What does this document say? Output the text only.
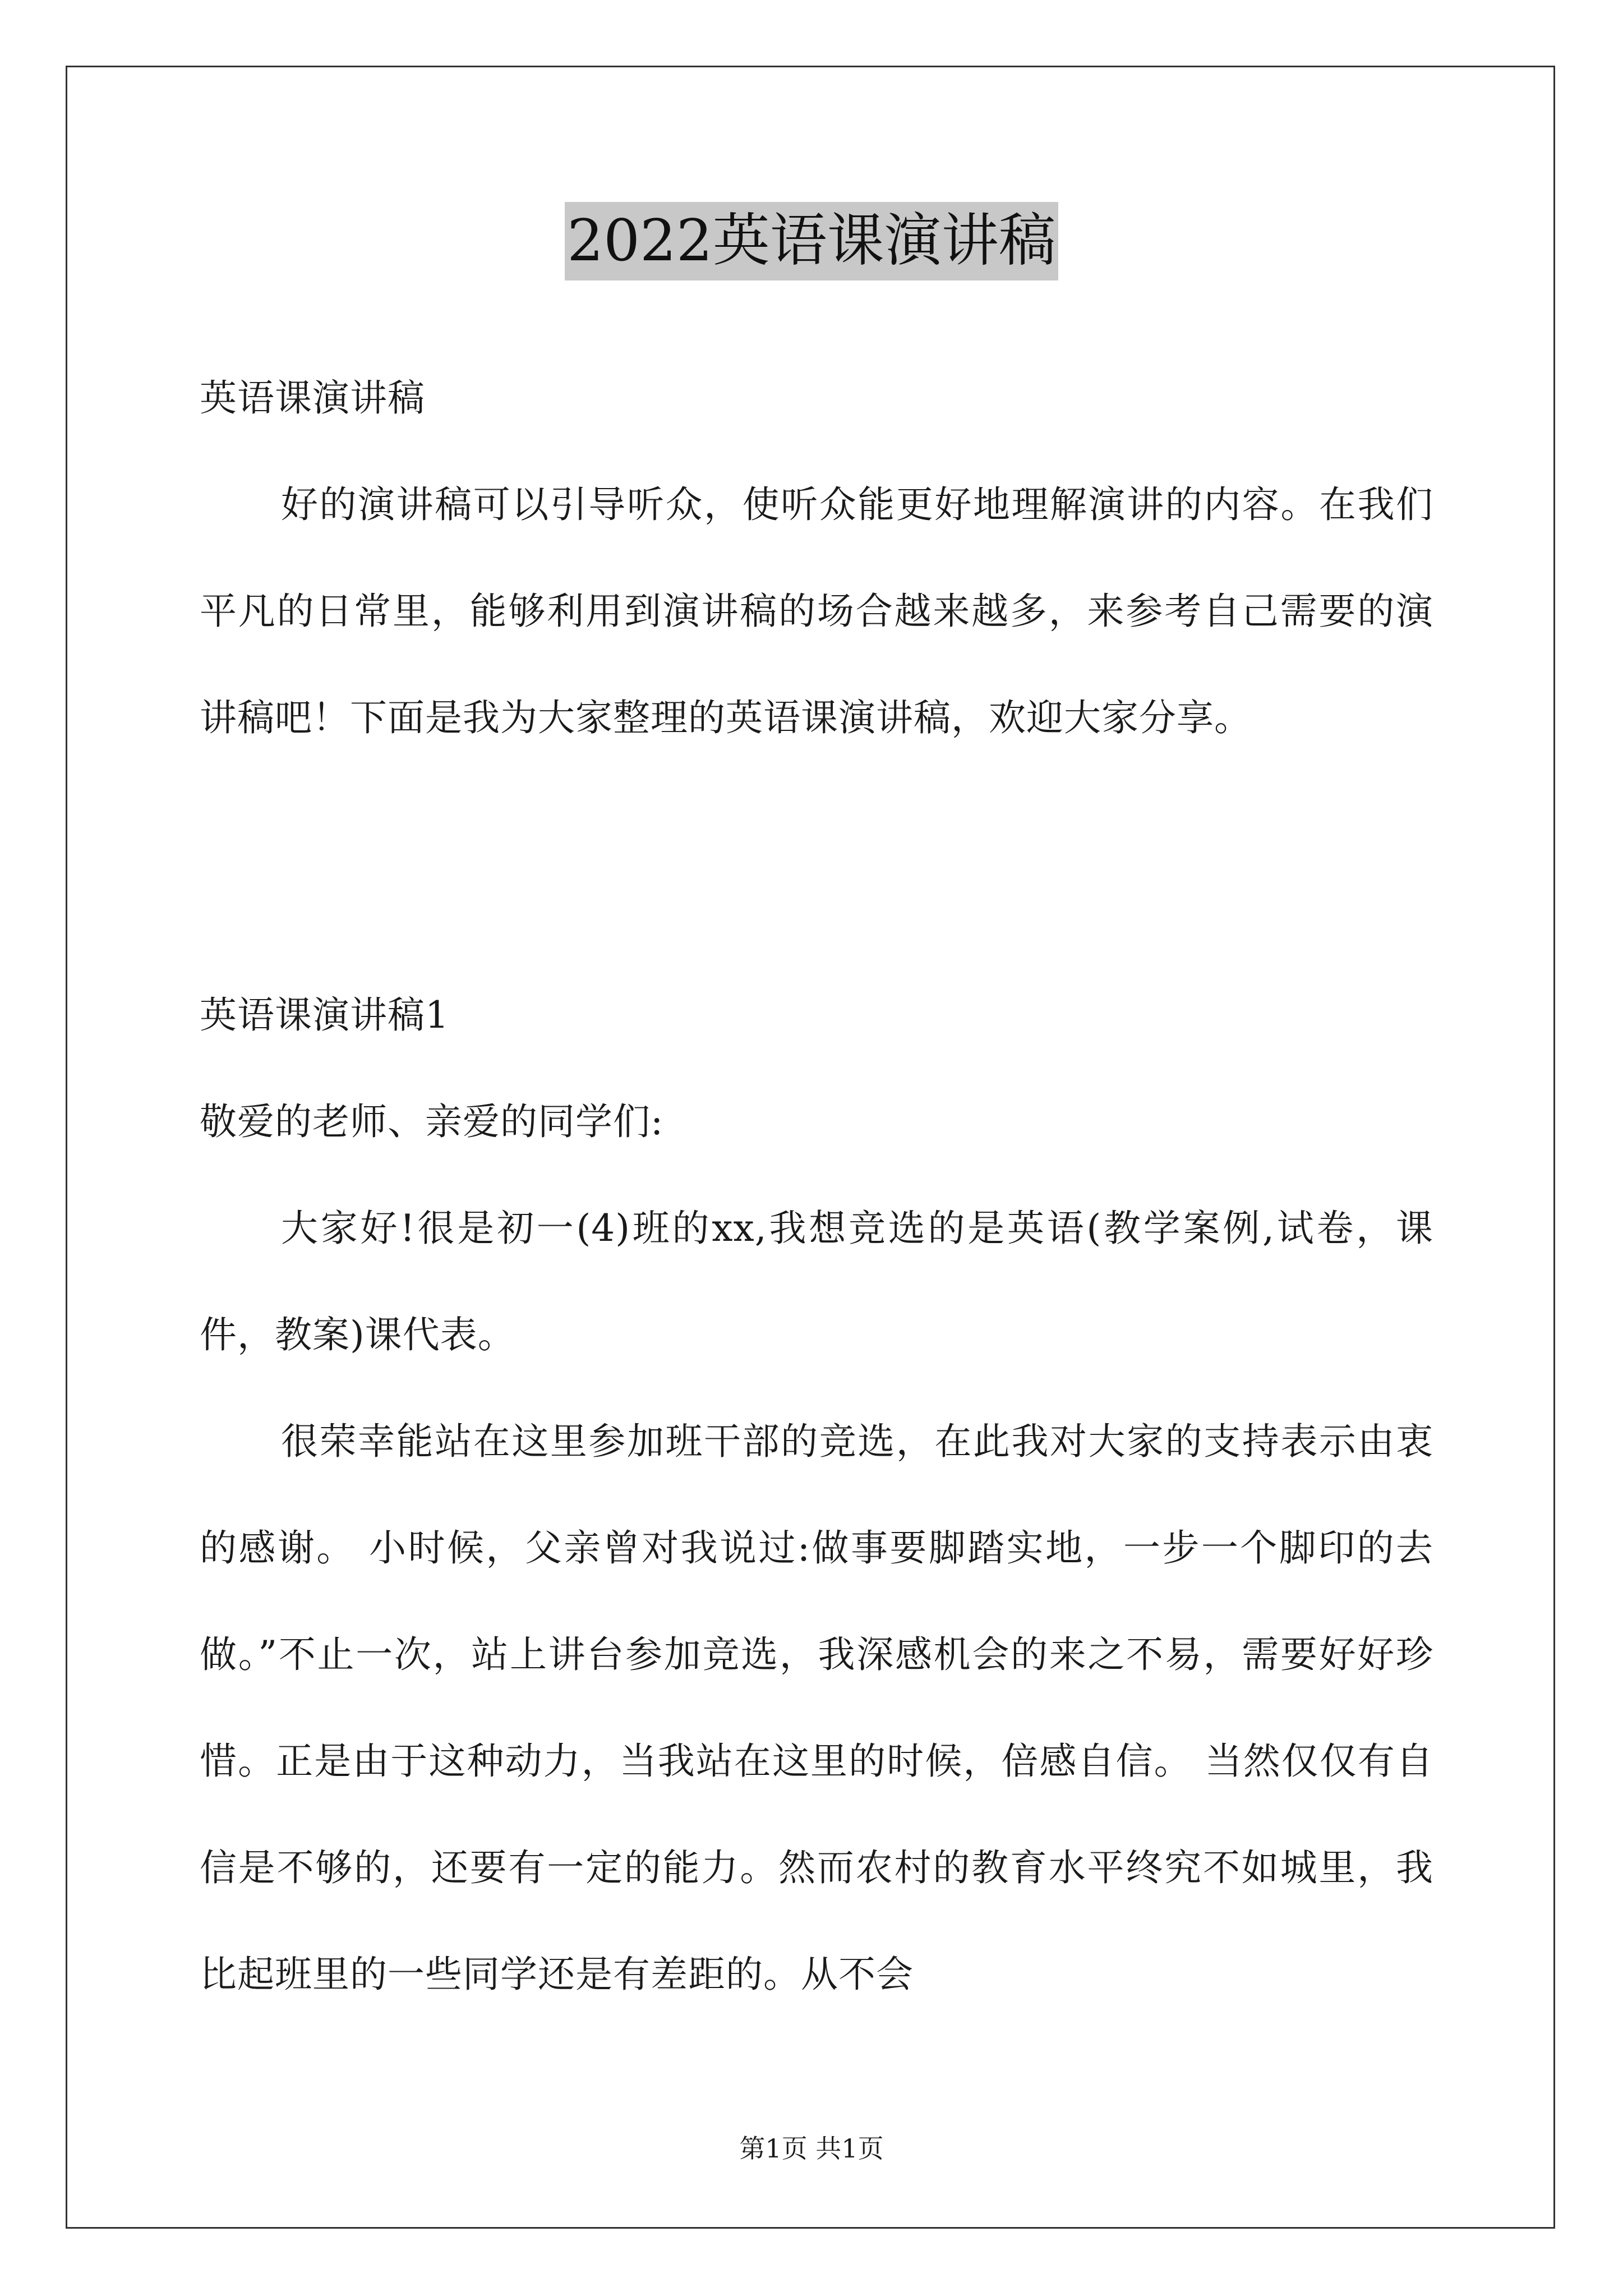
2022英语课演讲稿

英语课演讲稿

好的演讲稿可以引导听众，使听众能更好地理解演讲的内容。在我们平凡的日常里，能够利用到演讲稿的场合越来越多，来参考自己需要的演讲稿吧！下面是我为大家整理的英语课演讲稿，欢迎大家分享。

英语课演讲稿1

敬爱的老师、亲爱的同学们:

大家好!很是初一(4)班的xx,我想竞选的是英语(教学案例,试卷，课件，教案)课代表。

很荣幸能站在这里参加班干部的竞选，在此我对大家的支持表示由衷的感谢。 小时候，父亲曾对我说过:做事要脚踏实地，一步一个脚印的去做。”不止一次，站上讲台参加竞选，我深感机会的来之不易，需要好好珍惜。正是由于这种动力，当我站在这里的时候，倍感自信。 当然仅仅有自信是不够的，还要有一定的能力。然而农村的教育水平终究不如城里，我比起班里的一些同学还是有差距的。从不会

第1页 共1页
